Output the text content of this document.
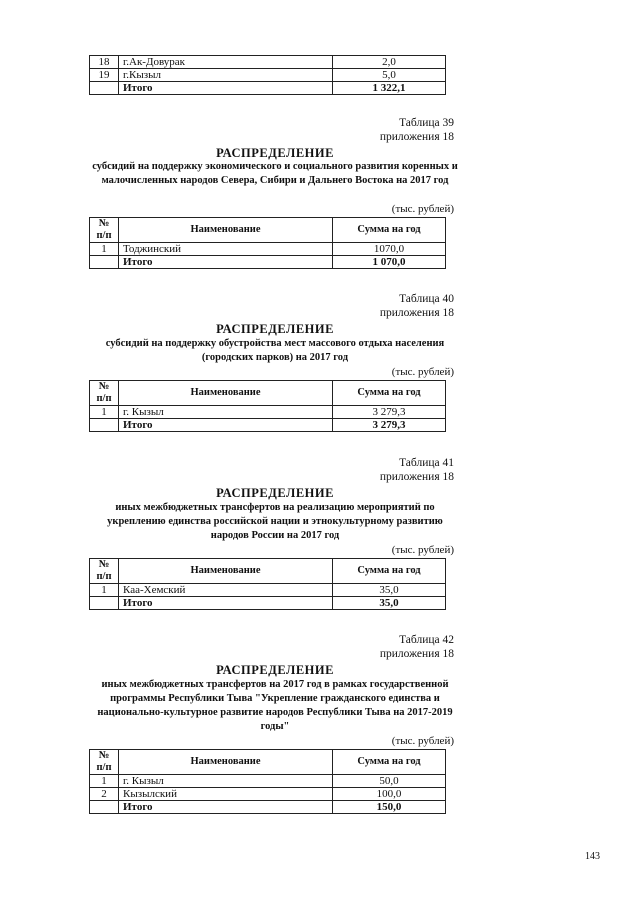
18	г.Ак-Довурак	2,0
19	г.Кызыл	5,0
	Итого	1 322,1
Таблица 39
приложения 18
РАСПРЕДЕЛЕНИЕ
субсидий на поддержку экономического и социального развития коренных и малочисленных народов Севера, Сибири и Дальнего Востока на 2017 год
(тыс. рублей)
№ п/п	Наименование	Сумма на год
1	Тоджинский	1070,0
	Итого	1 070,0
Таблица 40
приложения 18
РАСПРЕДЕЛЕНИЕ
субсидий на поддержку обустройства мест массового отдыха населения (городских парков) на 2017 год
(тыс. рублей)
№ п/п	Наименование	Сумма на год
1	г. Кызыл	3 279,3
	Итого	3 279,3
Таблица 41
приложения 18
РАСПРЕДЕЛЕНИЕ
иных межбюджетных трансфертов на реализацию мероприятий по укреплению единства российской нации и этнокультурному развитию народов России на 2017 год
(тыс. рублей)
№ п/п	Наименование	Сумма на год
1	Каа-Хемский	35,0
	Итого	35,0
Таблица 42
приложения 18
РАСПРЕДЕЛЕНИЕ
иных межбюджетных трансфертов на 2017 год в рамках государственной программы Республики Тыва "Укрепление гражданского единства и национально-культурное развитие народов Республики Тыва на 2017-2019 годы"
(тыс. рублей)
№ п/п	Наименование	Сумма на год
1	г. Кызыл	50,0
2	Кызылский	100,0
	Итого	150,0
143
